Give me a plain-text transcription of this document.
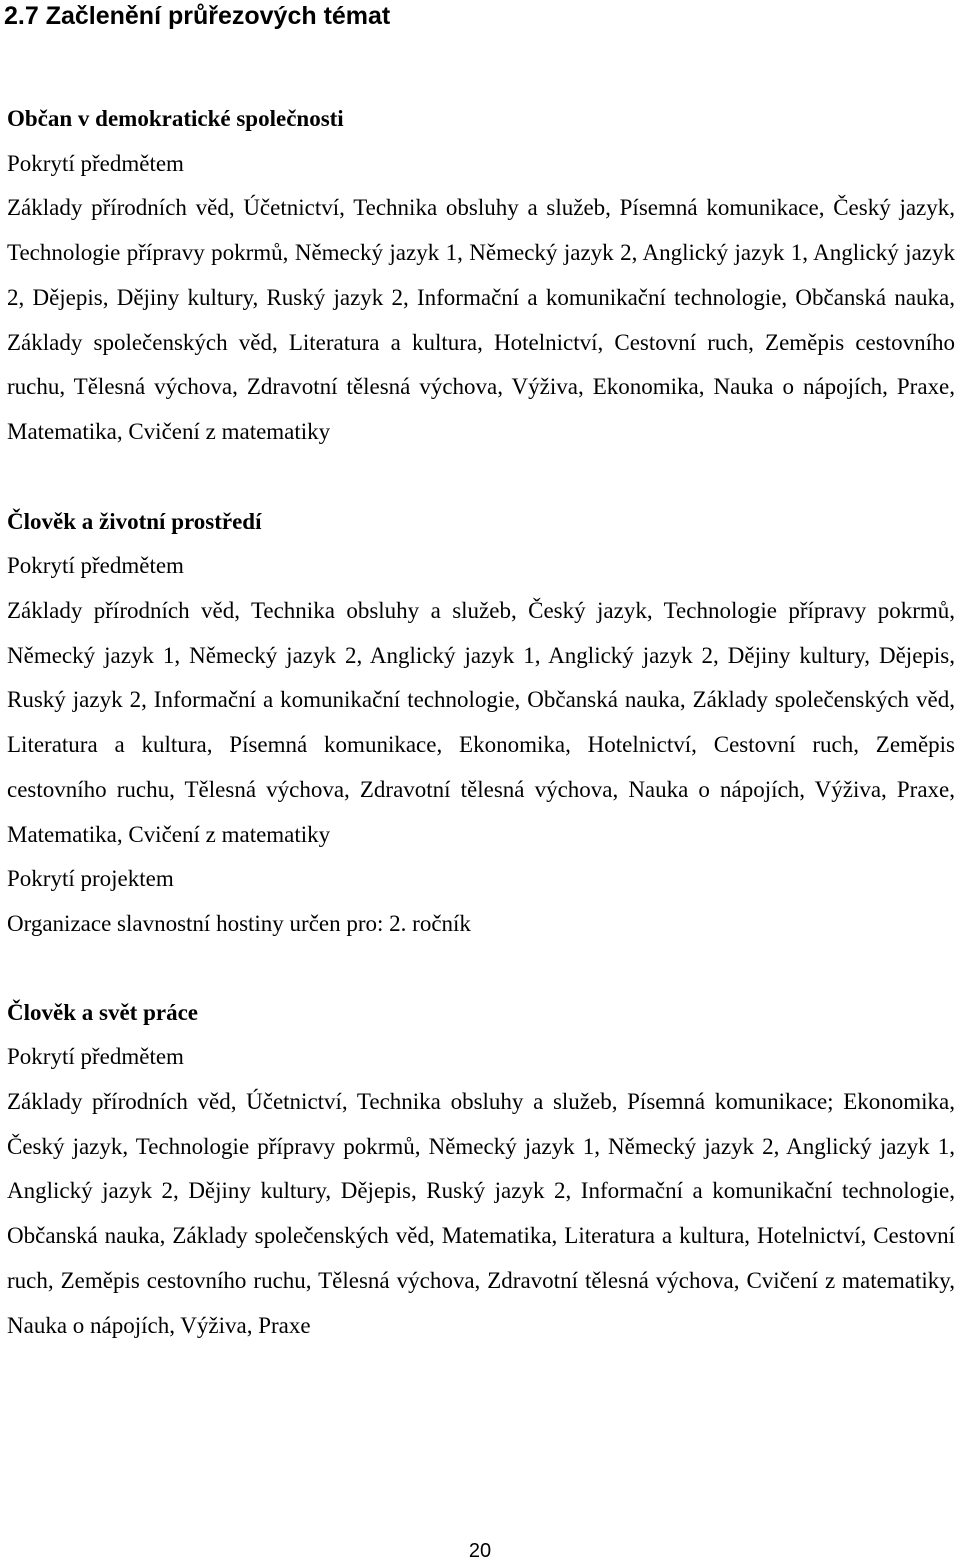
2.7 Začlenění průřezových témat

Občan v demokratické společnosti

Pokrytí předmětem

Základy přírodních věd, Účetnictví, Technika obsluhy a služeb, Písemná komunikace, Český jazyk, Technologie přípravy pokrmů, Německý jazyk 1, Německý jazyk 2, Anglický jazyk 1, Anglický jazyk 2, Dějepis, Dějiny kultury, Ruský jazyk 2, Informační a komunikační technologie, Občanská nauka, Základy společenských věd, Literatura a kultura, Hotelnictví, Cestovní ruch, Zeměpis cestovního ruchu, Tělesná výchova, Zdravotní tělesná výchova, Výživa, Ekonomika, Nauka o nápojích, Praxe, Matematika, Cvičení z matematiky

Člověk a životní prostředí

Pokrytí předmětem

Základy přírodních věd, Technika obsluhy a služeb, Český jazyk, Technologie přípravy pokrmů, Německý jazyk 1, Německý jazyk 2, Anglický jazyk 1, Anglický jazyk 2, Dějiny kultury, Dějepis, Ruský jazyk 2, Informační a komunikační technologie, Občanská nauka, Základy společenských věd, Literatura a kultura, Písemná komunikace, Ekonomika, Hotelnictví, Cestovní ruch, Zeměpis cestovního ruchu, Tělesná výchova, Zdravotní tělesná výchova, Nauka o nápojích, Výživa, Praxe, Matematika, Cvičení z matematiky

Pokrytí projektem

Organizace slavnostní hostiny určen pro: 2. ročník

Člověk a svět práce

Pokrytí předmětem

Základy přírodních věd, Účetnictví, Technika obsluhy a služeb, Písemná komunikace; Ekonomika, Český jazyk, Technologie přípravy pokrmů, Německý jazyk 1, Německý jazyk 2, Anglický jazyk 1, Anglický jazyk 2, Dějiny kultury, Dějepis, Ruský jazyk 2, Informační a komunikační technologie, Občanská nauka, Základy společenských věd, Matematika, Literatura a kultura, Hotelnictví, Cestovní ruch, Zeměpis cestovního ruchu, Tělesná výchova, Zdravotní tělesná výchova, Cvičení z matematiky, Nauka o nápojích, Výživa, Praxe

20
